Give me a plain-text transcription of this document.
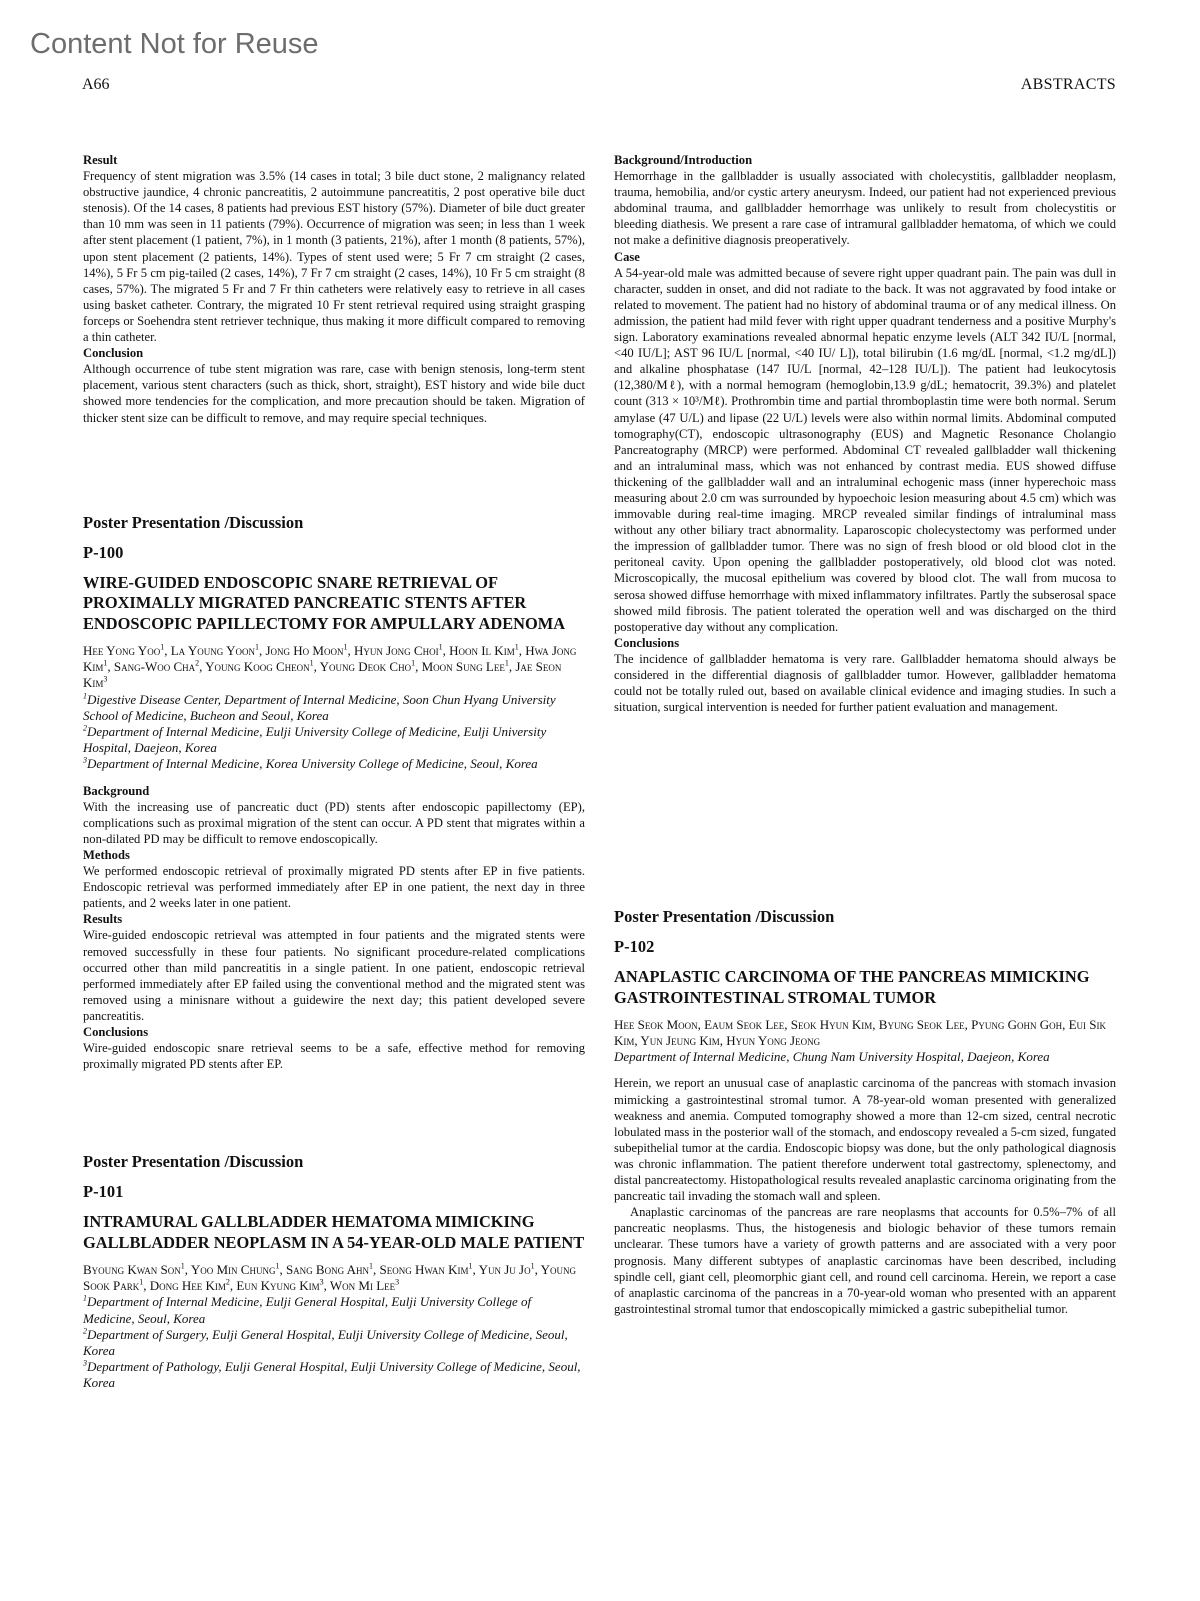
Content Not for Reuse
A66	ABSTRACTS
Result
Frequency of stent migration was 3.5% (14 cases in total; 3 bile duct stone, 2 malignancy related obstructive jaundice, 4 chronic pancreatitis, 2 autoimmune pancreatitis, 2 post operative bile duct stenosis). Of the 14 cases, 8 patients had previous EST history (57%). Diameter of bile duct greater than 10 mm was seen in 11 patients (79%). Occurrence of migration was seen; in less than 1 week after stent placement (1 patient, 7%), in 1 month (3 patients, 21%), after 1 month (8 patients, 57%), upon stent placement (2 patients, 14%). Types of stent used were; 5 Fr 7 cm straight (2 cases, 14%), 5 Fr 5 cm pig-tailed (2 cases, 14%), 7 Fr 7 cm straight (2 cases, 14%), 10 Fr 5 cm straight (8 cases, 57%). The migrated 5 Fr and 7 Fr thin catheters were relatively easy to retrieve in all cases using basket catheter. Contrary, the migrated 10 Fr stent retrieval required using straight grasping forceps or Soehendra stent retriever technique, thus making it more difficult compared to removing a thin catheter.
Conclusion
Although occurrence of tube stent migration was rare, case with benign stenosis, long-term stent placement, various stent characters (such as thick, short, straight), EST history and wide bile duct showed more tendencies for the complication, and more precaution should be taken. Migration of thicker stent size can be difficult to remove, and may require special techniques.
Poster Presentation /Discussion
P-100
WIRE-GUIDED ENDOSCOPIC SNARE RETRIEVAL OF PROXIMALLY MIGRATED PANCREATIC STENTS AFTER ENDOSCOPIC PAPILLECTOMY FOR AMPULLARY ADENOMA
Hee Yong Yoo$^1$, La Young Yoon$^1$, Jong Ho Moon$^1$, Hyun Jong Choi$^1$, Hoon Il Kim$^1$, Hwa Jong Kim$^1$, Sang-Woo Cha$^2$, Young Koog Cheon$^1$, Young Deok Cho$^1$, Moon Sung Lee$^1$, Jae Seon Kim$^3$
$^1$Digestive Disease Center, Department of Internal Medicine, Soon Chun Hyang University School of Medicine, Bucheon and Seoul, Korea
$^2$Department of Internal Medicine, Eulji University College of Medicine, Eulji University Hospital, Daejeon, Korea
$^3$Department of Internal Medicine, Korea University College of Medicine, Seoul, Korea
Background
With the increasing use of pancreatic duct (PD) stents after endoscopic papillectomy (EP), complications such as proximal migration of the stent can occur. A PD stent that migrates within a non-dilated PD may be difficult to remove endoscopically.
Methods
We performed endoscopic retrieval of proximally migrated PD stents after EP in five patients. Endoscopic retrieval was performed immediately after EP in one patient, the next day in three patients, and 2 weeks later in one patient.
Results
Wire-guided endoscopic retrieval was attempted in four patients and the migrated stents were removed successfully in these four patients. No significant procedure-related complications occurred other than mild pancreatitis in a single patient. In one patient, endoscopic retrieval performed immediately after EP failed using the conventional method and the migrated stent was removed using a minisnare without a guidewire the next day; this patient developed severe pancreatitis.
Conclusions
Wire-guided endoscopic snare retrieval seems to be a safe, effective method for removing proximally migrated PD stents after EP.
Poster Presentation /Discussion
P-101
INTRAMURAL GALLBLADDER HEMATOMA MIMICKING GALLBLADDER NEOPLASM IN A 54-YEAR-OLD MALE PATIENT
Byoung Kwan Son$^1$, Yoo Min Chung$^1$, Sang Bong Ahn$^1$, Seong Hwan Kim$^1$, Yun Ju Jo$^1$, Young Sook Park$^1$, Dong Hee Kim$^2$, Eun Kyung Kim$^3$, Won Mi Lee$^3$
$^1$Department of Internal Medicine, Eulji General Hospital, Eulji University College of Medicine, Seoul, Korea
$^2$Department of Surgery, Eulji General Hospital, Eulji University College of Medicine, Seoul, Korea
$^3$Department of Pathology, Eulji General Hospital, Eulji University College of Medicine, Seoul, Korea
Background/Introduction
Hemorrhage in the gallbladder is usually associated with cholecystitis, gallbladder neoplasm, trauma, hemobilia, and/or cystic artery aneurysm. Indeed, our patient had not experienced previous abdominal trauma, and gallbladder hemorrhage was unlikely to result from cholecystitis or bleeding diathesis. We present a rare case of intramural gallbladder hematoma, of which we could not make a definitive diagnosis preoperatively.
Case
A 54-year-old male was admitted because of severe right upper quadrant pain. The pain was dull in character, sudden in onset, and did not radiate to the back. It was not aggravated by food intake or related to movement. The patient had no history of abdominal trauma or of any medical illness. On admission, the patient had mild fever with right upper quadrant tenderness and a positive Murphy's sign. Laboratory examinations revealed abnormal hepatic enzyme levels (ALT 342 IU/L [normal, <40 IU/L]; AST 96 IU/L [normal, <40 IU/ L]), total bilirubin (1.6 mg/dL [normal, <1.2 mg/dL]) and alkaline phosphatase (147 IU/L [normal, 42–128 IU/L]). The patient had leukocytosis (12,380/Mℓ), with a normal hemogram (hemoglobin,13.9 g/dL; hematocrit, 39.3%) and platelet count (313 × 10³/Mℓ). Prothrombin time and partial thromboplastin time were both normal. Serum amylase (47 U/L) and lipase (22 U/L) levels were also within normal limits. Abdominal computed tomography(CT), endoscopic ultrasonography (EUS) and Magnetic Resonance Cholangio Pancreatography (MRCP) were performed. Abdominal CT revealed gallbladder wall thickening and an intraluminal mass, which was not enhanced by contrast media. EUS showed diffuse thickening of the gallbladder wall and an intraluminal echogenic mass (inner hyperechoic mass measuring about 2.0 cm was surrounded by hypoechoic lesion measuring about 4.5 cm) which was immovable during real-time imaging. MRCP revealed similar findings of intraluminal mass without any other biliary tract abnormality. Laparoscopic cholecystectomy was performed under the impression of gallbladder tumor. There was no sign of fresh blood or old blood clot in the peritoneal cavity. Upon opening the gallbladder postoperatively, old blood clot was noted. Microscopically, the mucosal epithelium was covered by blood clot. The wall from mucosa to serosa showed diffuse hemorrhage with mixed inflammatory infiltrates. Partly the subserosal space showed mild fibrosis. The patient tolerated the operation well and was discharged on the third postoperative day without any complication.
Conclusions
The incidence of gallbladder hematoma is very rare. Gallbladder hematoma should always be considered in the differential diagnosis of gallbladder tumor. However, gallbladder hematoma could not be totally ruled out, based on available clinical evidence and imaging studies. In such a situation, surgical intervention is needed for further patient evaluation and management.
Poster Presentation /Discussion
P-102
ANAPLASTIC CARCINOMA OF THE PANCREAS MIMICKING GASTROINTESTINAL STROMAL TUMOR
Hee Seok Moon, Eaum Seok Lee, Seok Hyun Kim, Byung Seok Lee, Pyung Gohn Goh, Eui Sik Kim, Yun Jeung Kim, Hyun Yong Jeong
Department of Internal Medicine, Chung Nam University Hospital, Daejeon, Korea
Herein, we report an unusual case of anaplastic carcinoma of the pancreas with stomach invasion mimicking a gastrointestinal stromal tumor. A 78-year-old woman presented with generalized weakness and anemia. Computed tomography showed a more than 12-cm sized, central necrotic lobulated mass in the posterior wall of the stomach, and endoscopy revealed a 5-cm sized, fungated subepithelial tumor at the cardia. Endoscopic biopsy was done, but the only pathological diagnosis was chronic inflammation. The patient therefore underwent total gastrectomy, splenectomy, and distal pancreatectomy. Histopathological results revealed anaplastic carcinoma originating from the pancreatic tail invading the stomach wall and spleen.
Anaplastic carcinomas of the pancreas are rare neoplasms that accounts for 0.5%–7% of all pancreatic neoplasms. Thus, the histogenesis and biologic behavior of these tumors remain unclearar. These tumors have a variety of growth patterns and are associated with a very poor prognosis. Many different subtypes of anaplastic carcinomas have been described, including spindle cell, giant cell, pleomorphic giant cell, and round cell carcinoma. Herein, we report a case of anaplastic carcinoma of the pancreas in a 70-year-old woman who presented with an apparent gastrointestinal stromal tumor that endoscopically mimicked a gastric subepithelial tumor.
